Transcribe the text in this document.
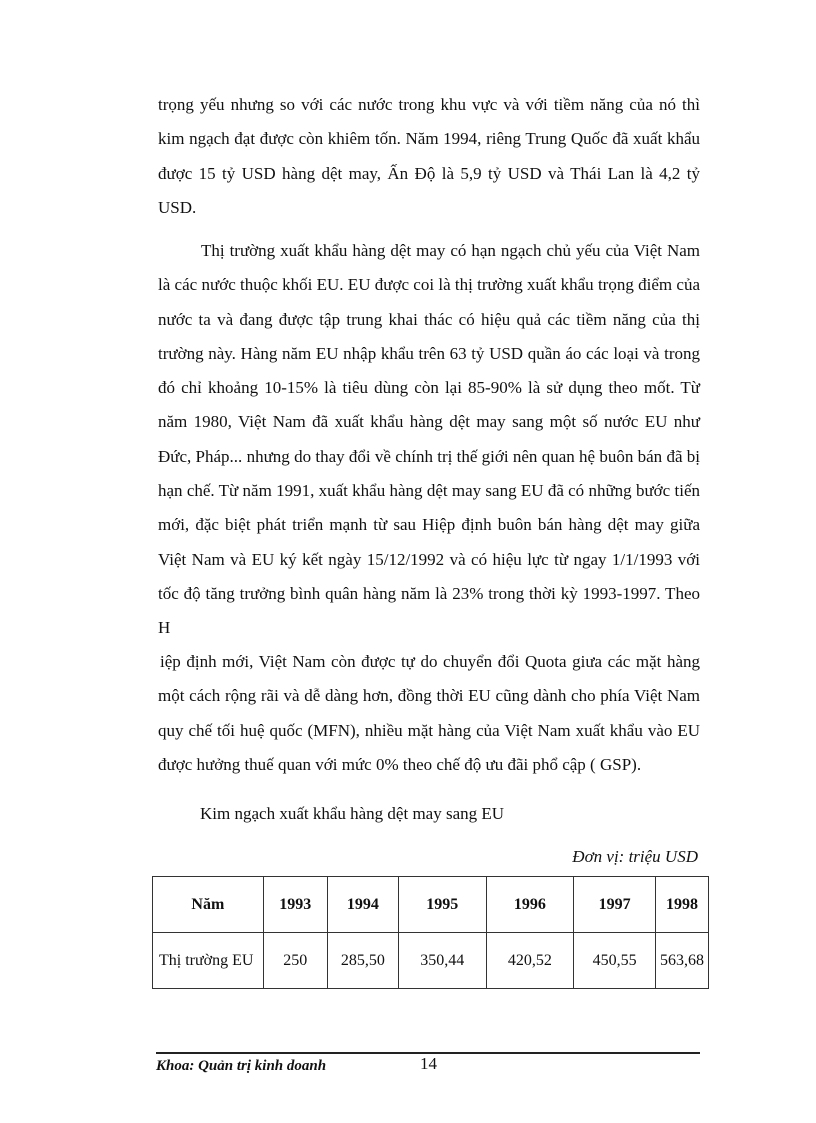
trọng yếu nhưng so với các nước trong khu vực và với tiềm năng của nó thì kim ngạch đạt được còn khiêm tốn. Năm 1994, riêng Trung Quốc đã xuất khẩu được 15 tỷ USD hàng dệt may, Ấn Độ là 5,9 tỷ USD và Thái Lan là 4,2 tỷ USD.

Thị trường xuất khẩu hàng dệt may có hạn ngạch chủ yếu của Việt Nam là các nước thuộc khối EU. EU được coi là thị trường xuất khẩu trọng điểm của nước ta và đang được tập trung khai thác có hiệu quả các tiềm năng của thị trường này. Hàng năm EU nhập khẩu trên 63 tỷ USD quần áo các loại và trong đó chỉ khoảng 10-15% là tiêu dùng còn lại 85-90% là sử dụng theo mốt. Từ năm 1980, Việt Nam đã xuất khẩu hàng dệt may sang một số nước EU như Đức, Pháp... nhưng do thay đổi về chính trị thế giới nên quan hệ buôn bán đã bị hạn chế. Từ năm 1991, xuất khẩu hàng dệt may sang EU đã có những bước tiến mới, đặc biệt phát triển mạnh từ sau Hiệp định buôn bán hàng dệt may giữa Việt Nam và EU ký kết ngày 15/12/1992 và có hiệu lực từ ngay 1/1/1993 với tốc độ tăng trưởng bình quân hàng năm là 23% trong thời kỳ 1993-1997. Theo H

iệp định mới, Việt Nam còn được tự do chuyển đổi Quota giưa các mặt hàng một cách rộng rãi và dễ dàng hơn, đồng thời EU cũng dành cho phía Việt Nam quy chế tối huệ quốc (MFN), nhiều mặt hàng của Việt Nam xuất khẩu vào EU được hưởng thuế quan với mức 0% theo chế độ ưu đãi phổ cập ( GSP).

Kim ngạch xuất khẩu hàng dệt may sang EU
Đơn vị: triệu USD
Năm	1993	1994	1995	1996	1997	1998
Thị trường EU	250	285,50	350,44	420,52	450,55	563,68
Khoa: Quản trị kinh doanh	14
